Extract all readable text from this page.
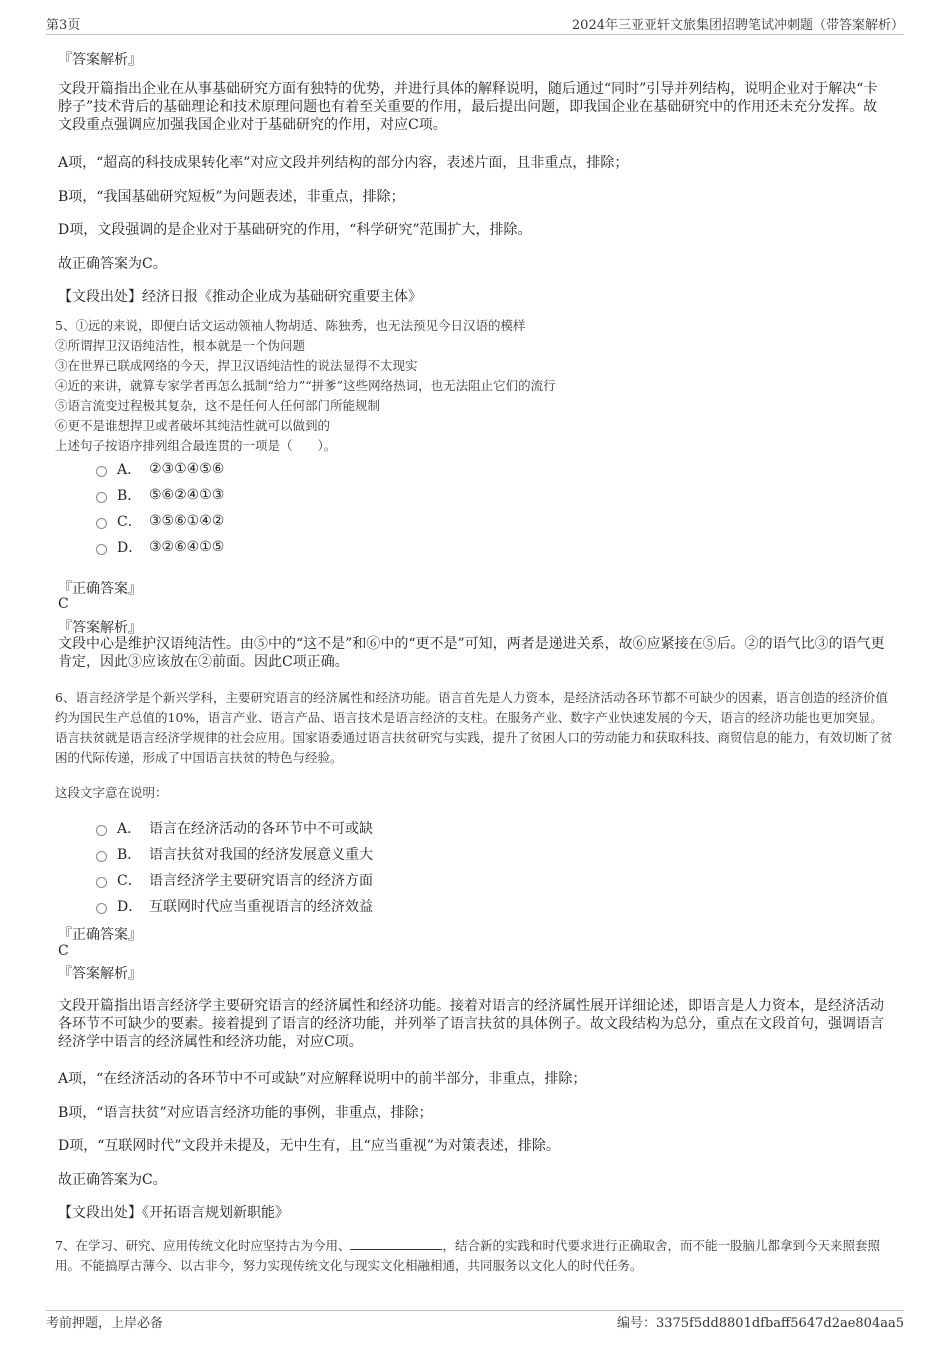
第3页	2024年三亚亚轩文旅集团招聘笔试冲刺题（带答案解析）
『答案解析』
文段开篇指出企业在从事基础研究方面有独特的优势，并进行具体的解释说明，随后通过“同时”引导并列结构，说明企业对于解决“卡脖子”技术背后的基础理论和技术原理问题也有着至关重要的作用，最后提出问题，即我国企业在基础研究中的作用还未充分发挥。故文段重点强调应加强我国企业对于基础研究的作用，对应C项。
A项，“超高的科技成果转化率”对应文段并列结构的部分内容，表述片面，且非重点，排除；
B项，“我国基础研究短板”为问题表述，非重点，排除；
D项，文段强调的是企业对于基础研究的作用，“科学研究”范围扩大，排除。
故正确答案为C。
【文段出处】经济日报《推动企业成为基础研究重要主体》
5、①远的来说，即便白话文运动领袖人物胡适、陈独秀，也无法预见今日汉语的模样
②所谓捍卫汉语纯洁性，根本就是一个伪问题
③在世界已联成网络的今天，捍卫汉语纯洁性的说法显得不太现实
④近的来讲，就算专家学者再怎么抵制“给力”“拼爹”这些网络热词，也无法阻止它们的流行
⑤语言流变过程极其复杂，这不是任何人任何部门所能规制
⑥更不是谁想捍卫或者破坏其纯洁性就可以做到的
上述句子按语序排列组合最连贯的一项是（　　）。
A． ②③①④⑤⑥
B． ⑤⑥②④①③
C． ③⑤⑥①④②
D． ③②⑥④①⑤
『正确答案』
C
『答案解析』
文段中心是维护汉语纯洁性。由⑤中的“这不是”和⑥中的“更不是”可知，两者是递进关系，故⑥应紧接在⑤后。②的语气比③的语气更肯定，因此③应该放在②前面。因此C项正确。
6、语言经济学是个新兴学科，主要研究语言的经济属性和经济功能。语言首先是人力资本，是经济活动各环节都不可缺少的因素，语言创造的经济价值约为国民生产总值的10%，语言产业、语言产品、语言技术是语言经济的支柱。在服务产业、数字产业快速发展的今天，语言的经济功能也更加突显。语言扶贫就是语言经济学规律的社会应用。国家语委通过语言扶贫研究与实践，提升了贫困人口的劳动能力和获取科技、商贸信息的能力，有效切断了贫困的代际传递，形成了中国语言扶贫的特色与经验。
这段文字意在说明：
A． 语言在经济活动的各环节中不可或缺
B． 语言扶贫对我国的经济发展意义重大
C． 语言经济学主要研究语言的经济方面
D． 互联网时代应当重视语言的经济效益
『正确答案』
C
『答案解析』
文段开篇指出语言经济学主要研究语言的经济属性和经济功能。接着对语言的经济属性展开详细论述，即语言是人力资本，是经济活动各环节不可缺少的要素。接着提到了语言的经济功能，并列举了语言扶贫的具体例子。故文段结构为总分，重点在文段首句，强调语言经济学中语言的经济属性和经济功能，对应C项。
A项，“在经济活动的各环节中不可或缺”对应解释说明中的前半部分，非重点，排除；
B项，“语言扶贫”对应语言经济功能的事例，非重点，排除；
D项，“互联网时代”文段并未提及，无中生有，且“应当重视”为对策表述，排除。
故正确答案为C。
【文段出处】《开拓语言规划新职能》
7、在学习、研究、应用传统文化时应坚持古为今用、	，结合新的实践和时代要求进行正确取舍，而不能一股脑儿都拿到今天来照套照用。不能搞厚古薄今、以古非今，努力实现传统文化与现实文化相融相通，共同服务以文化人的时代任务。
考前押题，上岸必备	编号：3375f5dd8801dfbaff5647d2ae804aa5
